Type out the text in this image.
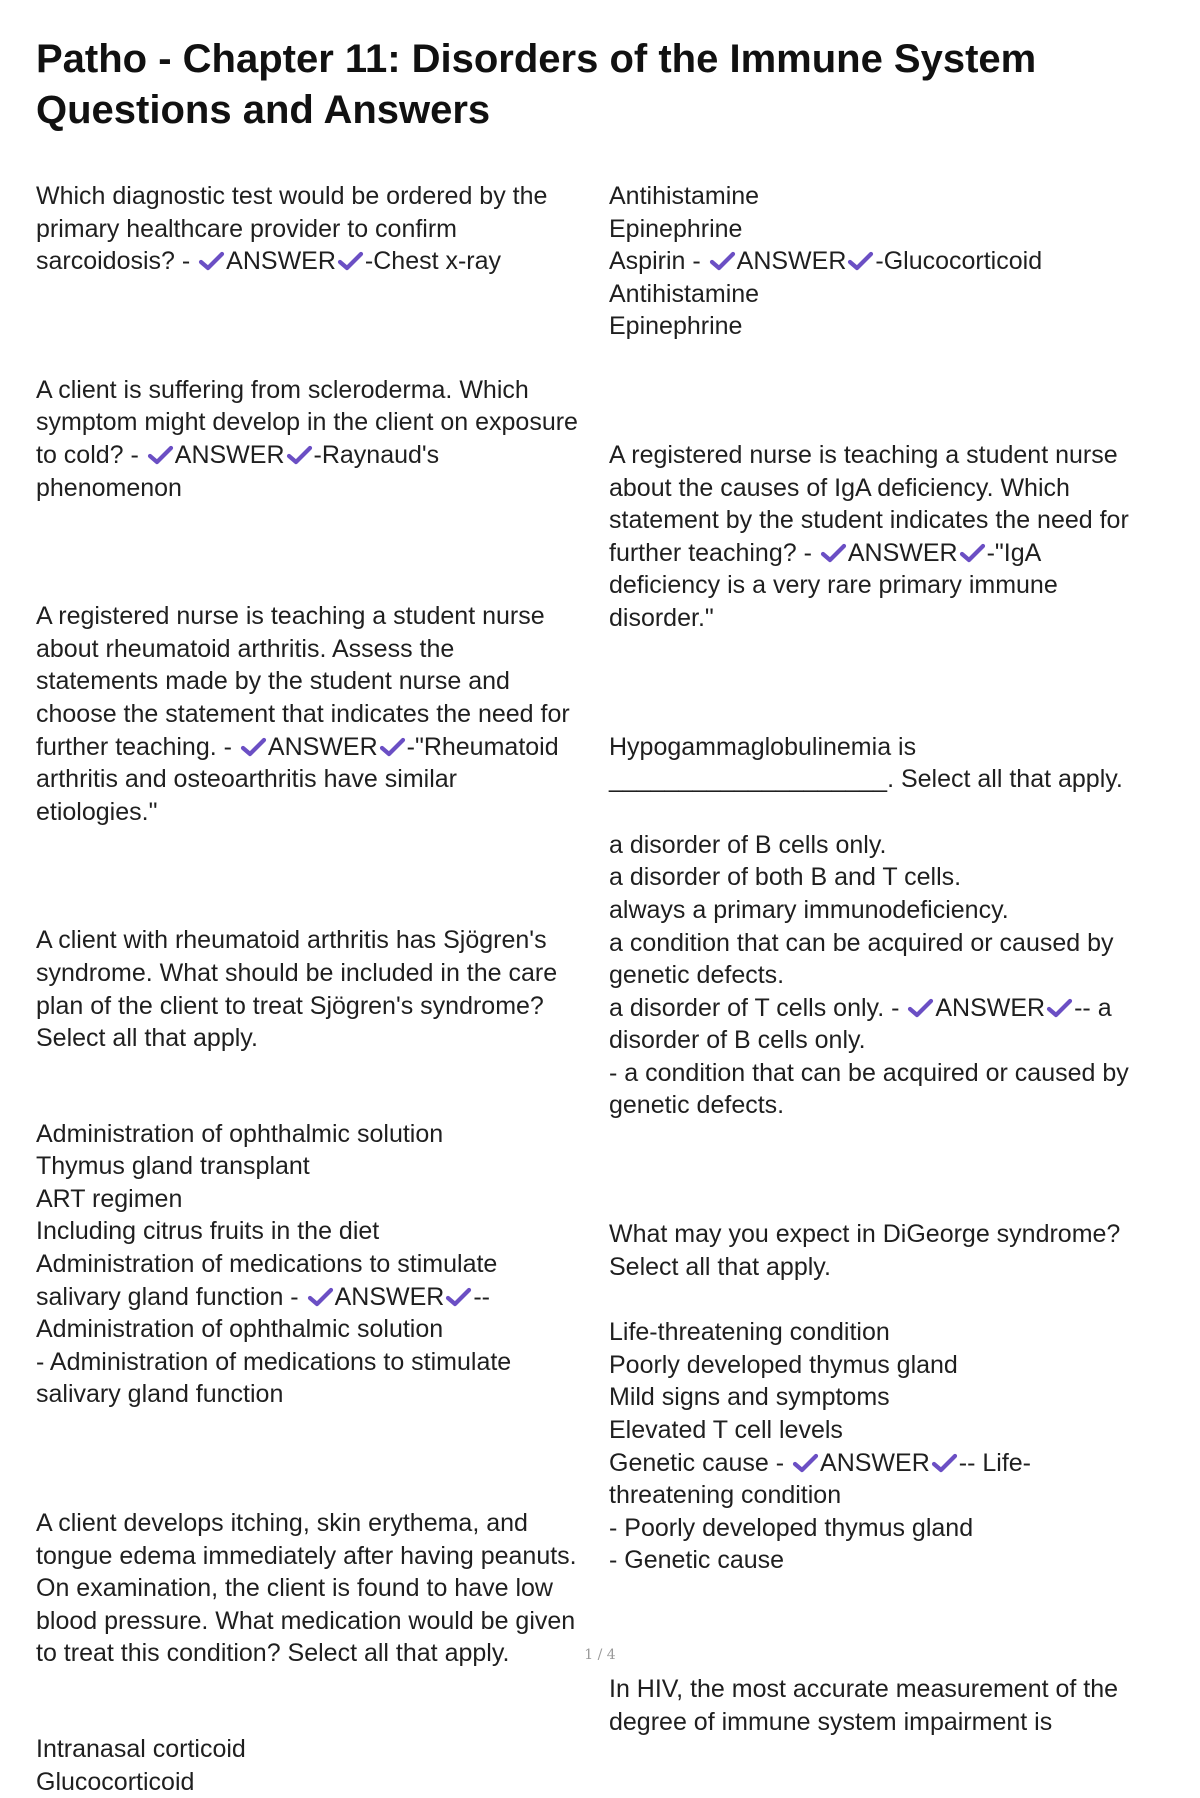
Patho - Chapter 11: Disorders of the Immune System Questions and Answers
Which diagnostic test would be ordered by the
primary healthcare provider to confirm
sarcoidosis? -
ANSWER -Chest x-ray
A client is suffering from scleroderma. Which
symptom might develop in the client on exposure
to cold? -
ANSWER -Raynaud's
phenomenon
A registered nurse is teaching a student nurse
about rheumatoid arthritis. Assess the
statements made by the student nurse and
choose the statement that indicates the need for
further teaching. -
ANSWER -"Rheumatoid
arthritis and osteoarthritis have similar
etiologies."
A client with rheumatoid arthritis has Sjögren's
syndrome. What should be included in the care
plan of the client to treat Sjögren's syndrome?
Select all that apply.
Administration of ophthalmic solution
Thymus gland transplant
ART regimen
Including citrus fruits in the diet
Administration of medications to stimulate
salivary gland function -
ANSWER --
Administration of ophthalmic solution
- Administration of medications to stimulate
salivary gland function
A client develops itching, skin erythema, and
tongue edema immediately after having peanuts.
On examination, the client is found to have low
blood pressure. What medication would be given
to treat this condition? Select all that apply.
Intranasal corticoid
Glucocorticoid
Antihistamine
Epinephrine
Aspirin -
ANSWER -Glucocorticoid
Antihistamine
Epinephrine
A registered nurse is teaching a student nurse
about the causes of IgA deficiency. Which
statement by the student indicates the need for
further teaching? -
ANSWER -"IgA
deficiency is a very rare primary immune
disorder."
Hypogammaglobulinemia is
____________________. Select all that apply.
a disorder of B cells only.
a disorder of both B and T cells.
always a primary immunodeficiency.
a condition that can be acquired or caused by
genetic defects.
a disorder of T cells only. -
ANSWER -- a
disorder of B cells only.
- a condition that can be acquired or caused by
genetic defects.
What may you expect in DiGeorge syndrome?
Select all that apply.
Life-threatening condition
Poorly developed thymus gland
Mild signs and symptoms
Elevated T cell levels
Genetic cause -
ANSWER -- Life-
threatening condition
- Poorly developed thymus gland
- Genetic cause
In HIV, the most accurate measurement of the
degree of immune system impairment is
1 / 4
